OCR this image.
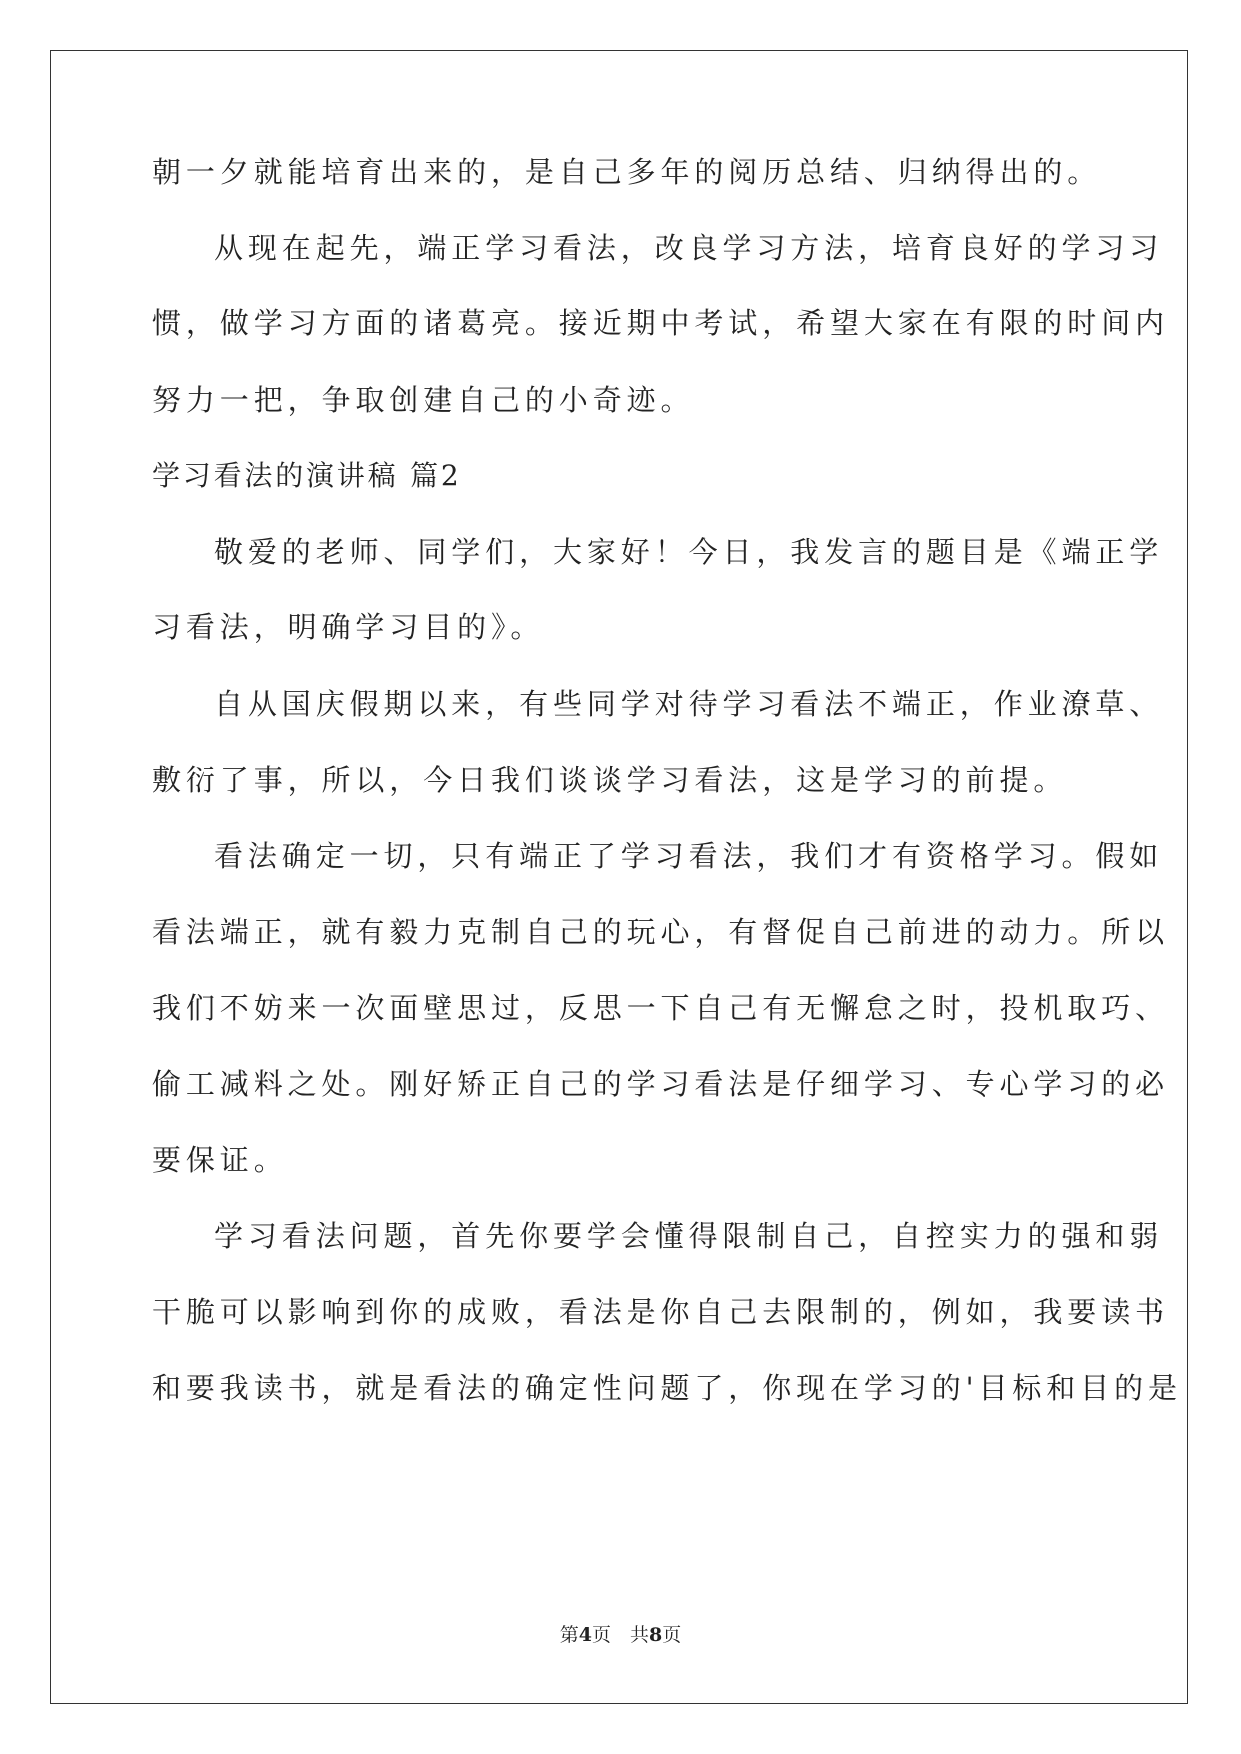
朝一夕就能培育出来的，是自己多年的阅历总结、归纳得出的。
从现在起先，端正学习看法，改良学习方法，培育良好的学习习
惯，做学习方面的诸葛亮。接近期中考试，希望大家在有限的时间内
努力一把，争取创建自己的小奇迹。
学习看法的演讲稿 篇2
敬爱的老师、同学们，大家好！今日，我发言的题目是《端正学
习看法，明确学习目的》。
自从国庆假期以来，有些同学对待学习看法不端正，作业潦草、
敷衍了事，所以，今日我们谈谈学习看法，这是学习的前提。
看法确定一切，只有端正了学习看法，我们才有资格学习。假如
看法端正，就有毅力克制自己的玩心，有督促自己前进的动力。所以
我们不妨来一次面壁思过，反思一下自己有无懈怠之时，投机取巧、
偷工减料之处。刚好矫正自己的学习看法是仔细学习、专心学习的必
要保证。
学习看法问题，首先你要学会懂得限制自己，自控实力的强和弱
干脆可以影响到你的成败，看法是你自己去限制的，例如，我要读书
和要我读书，就是看法的确定性问题了，你现在学习的'目标和目的是
第4页　共8页
